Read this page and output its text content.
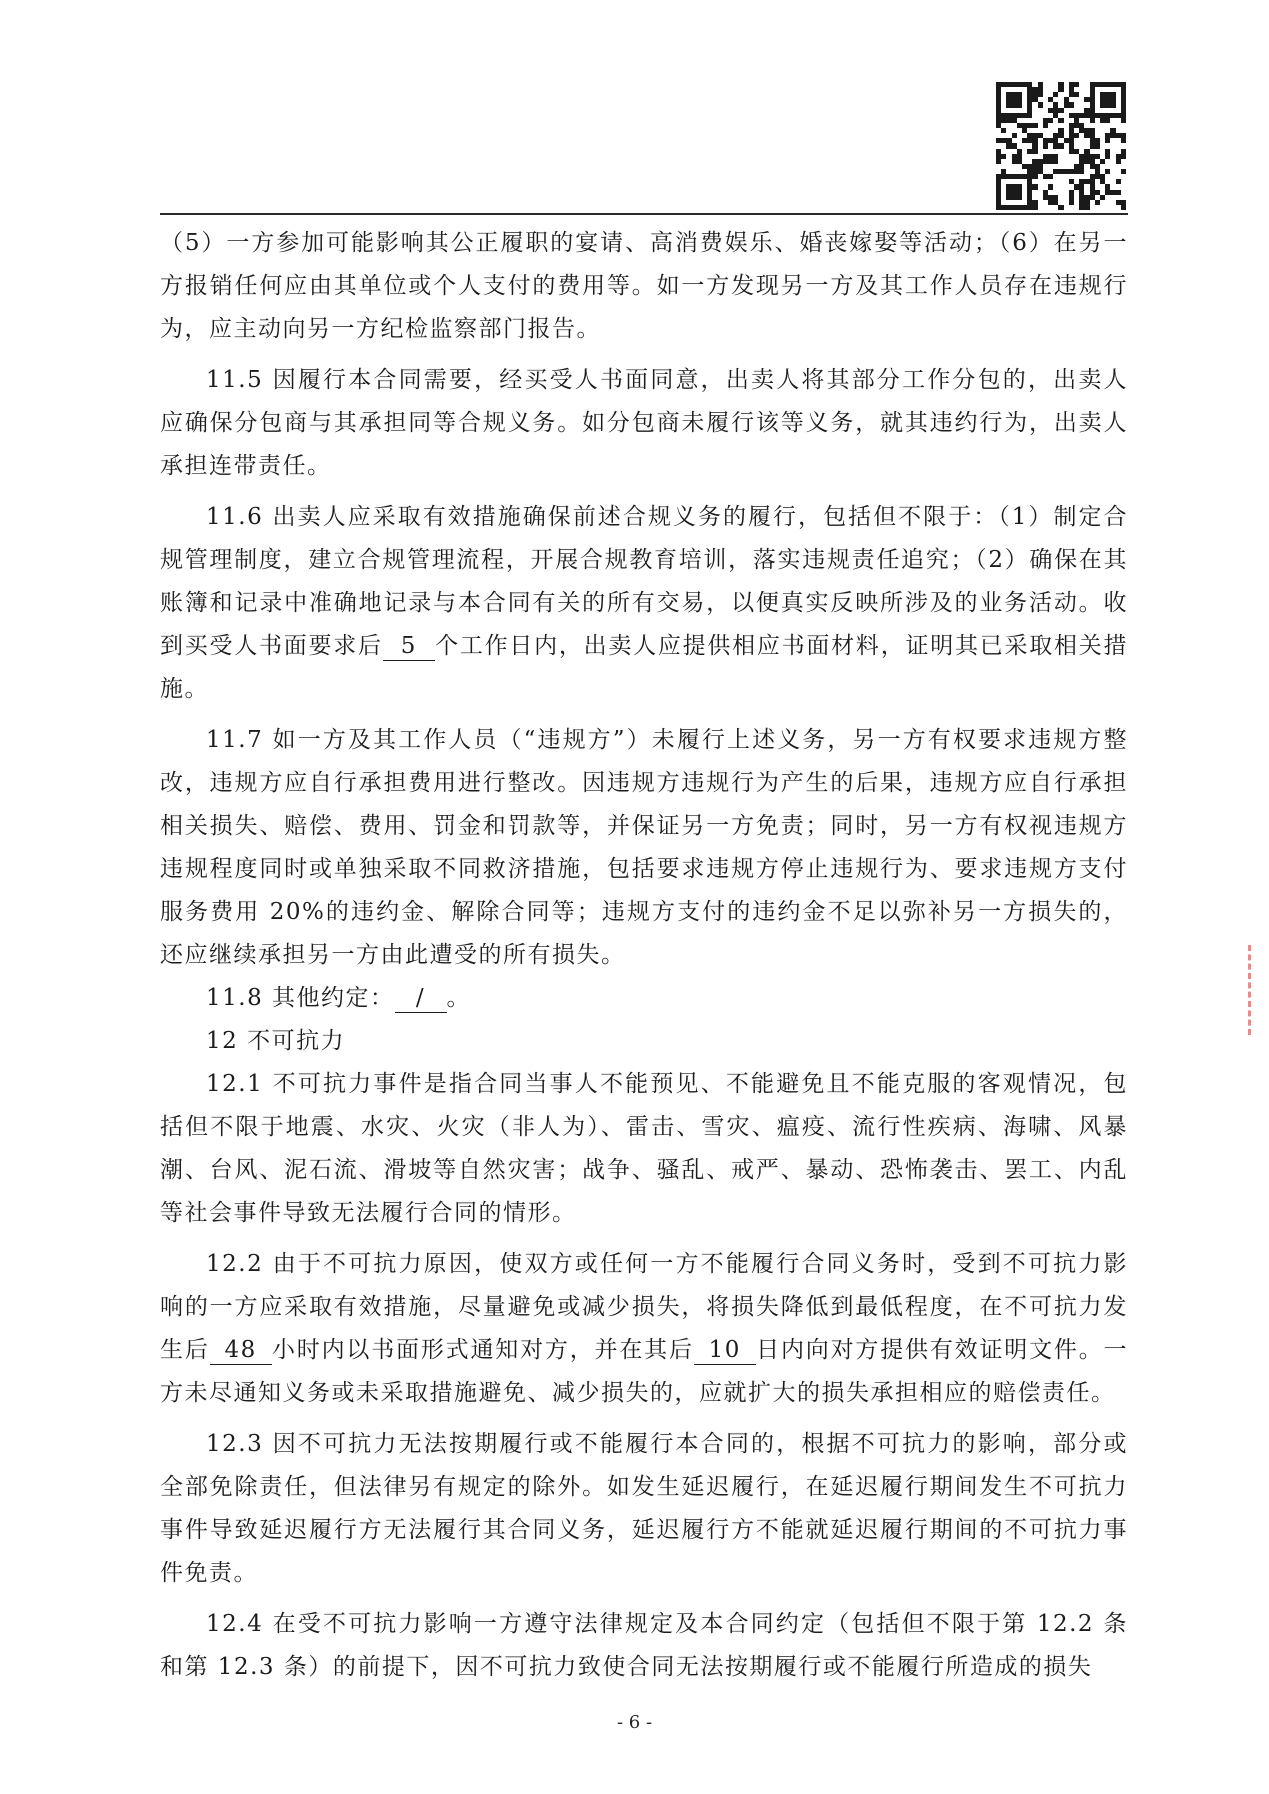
（5）一方参加可能影响其公正履职的宴请、高消费娱乐、婚丧嫁娶等活动；（6）在另一方报销任何应由其单位或个人支付的费用等。如一方发现另一方及其工作人员存在违规行为，应主动向另一方纪检监察部门报告。

11.5 因履行本合同需要，经买受人书面同意，出卖人将其部分工作分包的，出卖人应确保分包商与其承担同等合规义务。如分包商未履行该等义务，就其违约行为，出卖人承担连带责任。

11.6 出卖人应采取有效措施确保前述合规义务的履行，包括但不限于：（1）制定合规管理制度，建立合规管理流程，开展合规教育培训，落实违规责任追究；（2）确保在其账簿和记录中准确地记录与本合同有关的所有交易，以便真实反映所涉及的业务活动。收到买受人书面要求后 5 个工作日内，出卖人应提供相应书面材料，证明其已采取相关措施。

11.7 如一方及其工作人员（“违规方”）未履行上述义务，另一方有权要求违规方整改，违规方应自行承担费用进行整改。因违规方违规行为产生的后果，违规方应自行承担相关损失、赔偿、费用、罚金和罚款等，并保证另一方免责；同时，另一方有权视违规方违规程度同时或单独采取不同救济措施，包括要求违规方停止违规行为、要求违规方支付服务费用 20%的违约金、解除合同等；违规方支付的违约金不足以弥补另一方损失的，还应继续承担另一方由此遭受的所有损失。

11.8 其他约定： / 。

12 不可抗力

12.1 不可抗力事件是指合同当事人不能预见、不能避免且不能克服的客观情况，包括但不限于地震、水灾、火灾（非人为）、雷击、雪灾、瘟疫、流行性疾病、海啸、风暴潮、台风、泥石流、滑坡等自然灾害；战争、骚乱、戒严、暴动、恐怖袭击、罢工、内乱等社会事件导致无法履行合同的情形。

12.2 由于不可抗力原因，使双方或任何一方不能履行合同义务时，受到不可抗力影响的一方应采取有效措施，尽量避免或减少损失，将损失降低到最低程度，在不可抗力发生后 48 小时内以书面形式通知对方，并在其后 10 日内向对方提供有效证明文件。一方未尽通知义务或未采取措施避免、减少损失的，应就扩大的损失承担相应的赔偿责任。

12.3 因不可抗力无法按期履行或不能履行本合同的，根据不可抗力的影响，部分或全部免除责任，但法律另有规定的除外。如发生延迟履行，在延迟履行期间发生不可抗力事件导致延迟履行方无法履行其合同义务，延迟履行方不能就延迟履行期间的不可抗力事件免责。

12.4 在受不可抗力影响一方遵守法律规定及本合同约定（包括但不限于第 12.2 条和第 12.3 条）的前提下，因不可抗力致使合同无法按期履行或不能履行所造成的损失

- 6 -
